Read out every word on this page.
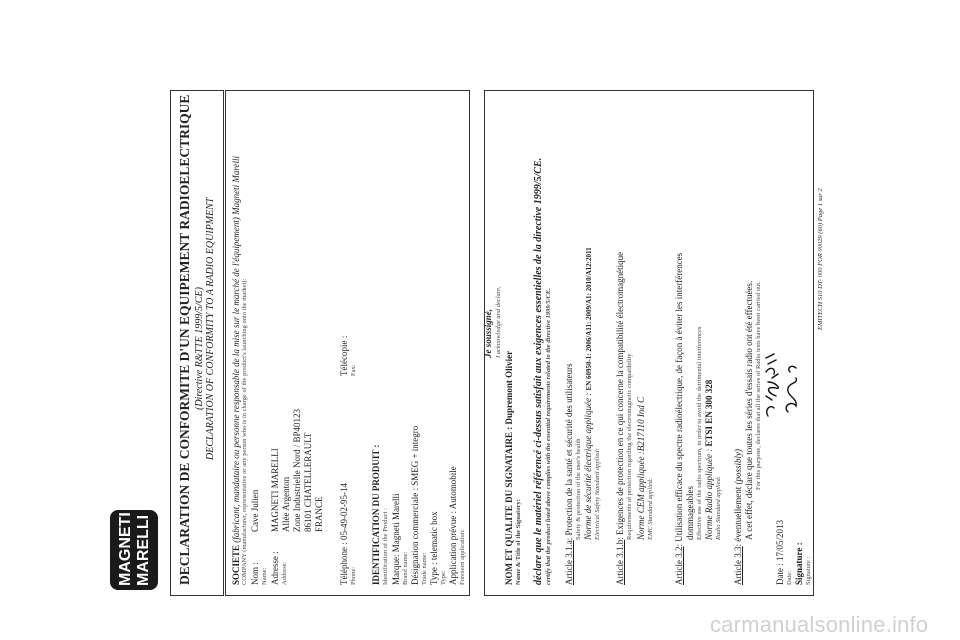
DECLARATION DE CONFORMITE D'UN EQUIPEMENT RADIOELECTRIQUE (Directive R&TTE 1999/5/CE) DECLARATION OF CONFORMITY TO A RADIO EQUIPMENT
SOCIETE (fabricant, mandataire ou personne responsable de la mise sur le marché de l'équipement) Magneti Marelli COMPANY (manufacturer, representative or any person who is in charge of the product's launching onto the market): Nom :
Cave Julien
Name: Adresse : Address:
MAGNETI MARELLI Allée Argenton Zone Industrielle Nord / BP40123 86101 CHATELLERAULT FRANCE Téléphone : 05-49-02-95-14 Phone:
Télécopie : Fax:
IDENTIFICATION DU PRODUIT : Identification of the Product : Marque: Magneti Marelli Brand name: Désignation commerciale : SMEG + integro Trade name: Type : telematic box Type: Application prévue : Automobile Foreseen application:
Je soussigné, I acknowledge and declare,
NOM ET QUALITE DU SIGNATAIRE : Dupremont Olivier Name & Title of the Signatory: déclare que le matériel référencé ci-dessus satisfait aux exigences essentielles de la directive 1999/5/CE. certify that the product listed above complies with the essential requirements related to the directive 1999/5/CE. Article 3.1.a: Protection de la santé et sécurité des utilisateurs Safety & protection of the user's health Norme de sécurité électrique appliquée : EN 60950-1: 2006/A11: 2009/A1: 2010/A12:2011
Electrical Safety Standard applied:
Article 3.1.b: Exigences de protection en ce qui concerne la compatibilité électromagnétique Requirements of protection regarding the electromagnetic compatibility Norme CEM appliquée :B217110 Ind C EMC Standard applied:
Article 3.2: Utilisation efficace du spectre radioélectrique, de façon à éviter les interférences dommageables Effective use of the radio spectrum, in order to avoid the detrimental interferences Norme Radio appliquée : ETSI EN 300 328
Radio Standard applied:
Article 3.3: éventuellement (possibly) A cet effet, déclare que toutes les séries d'essais radio ont été effectuées. For this purpose, declares that all the series of Radio tests have been carried out.
Date : 17/05/2013 Date: Signature : Signature :
EMITECH S10 DT- 000 FOR 00029 (60) Page 1 sur 2
MAGNETI MARELLI
carmanualsonline.info
